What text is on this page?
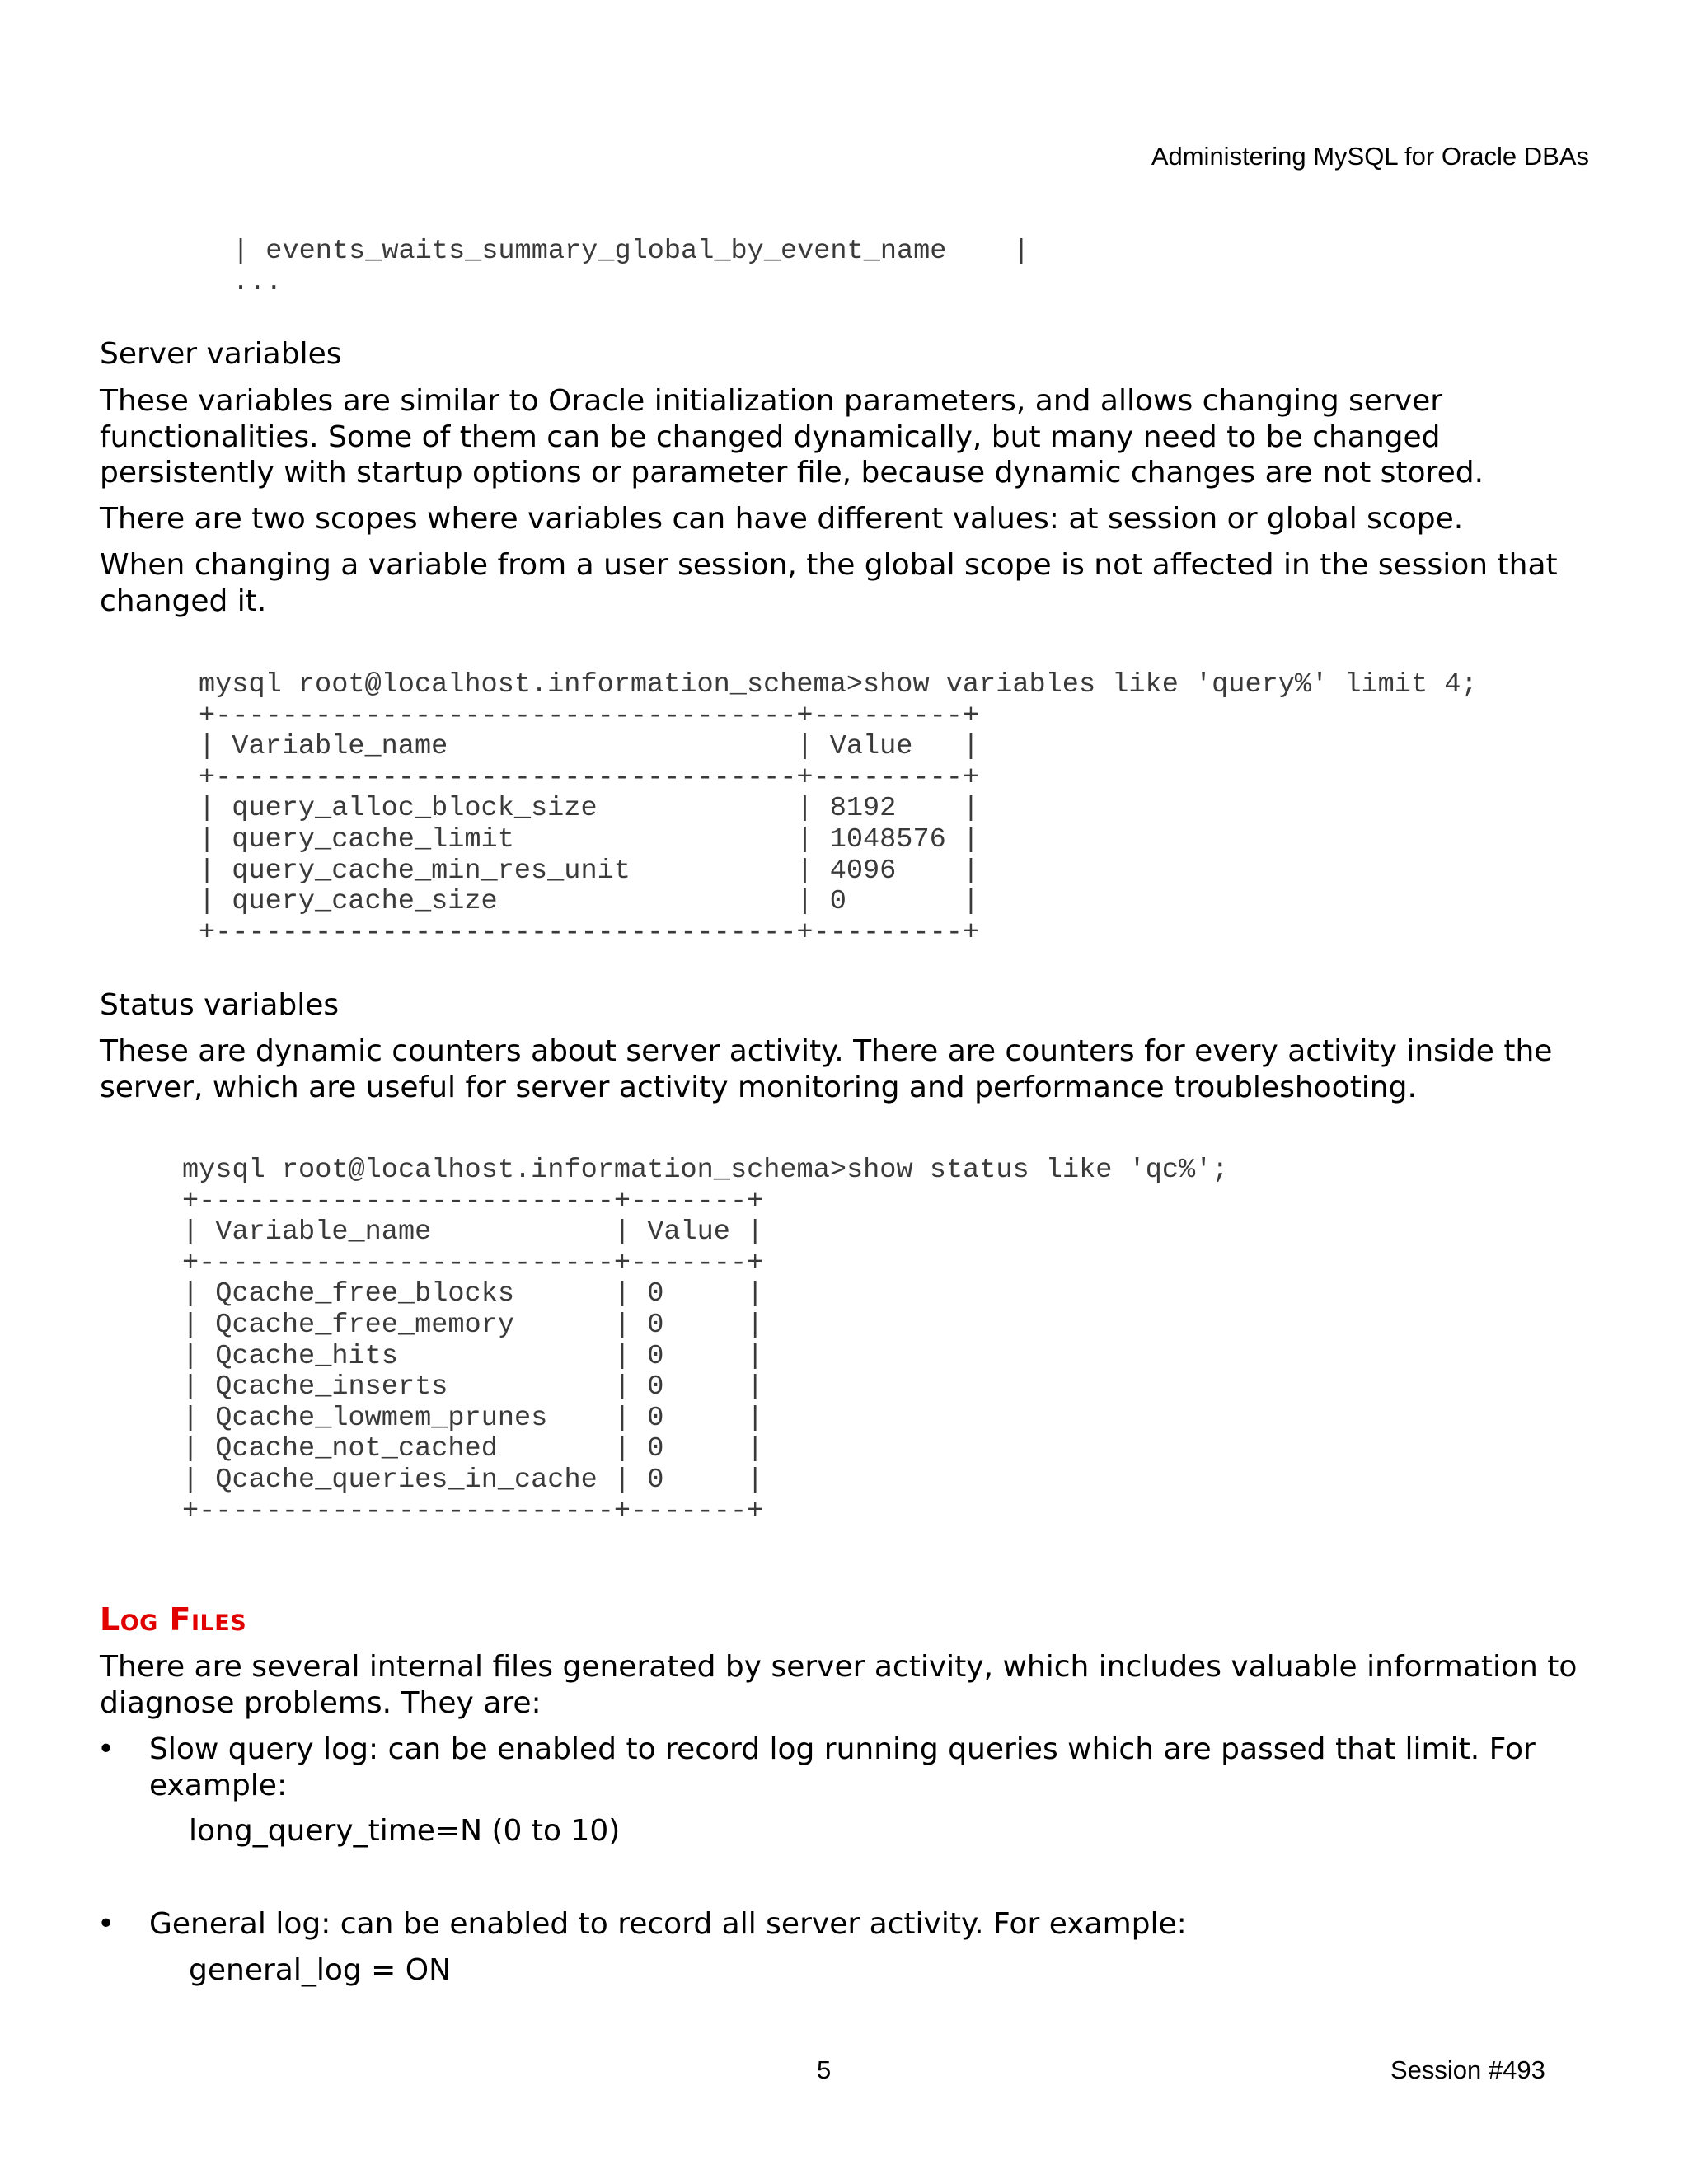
Administering MySQL for Oracle DBAs
| events_waits_summary_global_by_event_name    |
...
Server variables

These variables are similar to Oracle initialization parameters, and allows changing server functionalities. Some of them can be changed dynamically, but many need to be changed persistently with startup options or parameter file, because dynamic changes are not stored.

There are two scopes where variables can have different values: at session or global scope.

When changing a variable from a user session, the global scope is not affected in the session that changed it.

mysql root@localhost.information_schema>show variables like 'query%' limit 4;
+-----------------------------------+---------+
| Variable_name                     | Value   |
+-----------------------------------+---------+
| query_alloc_block_size            | 8192    |
| query_cache_limit                 | 1048576 |
| query_cache_min_res_unit          | 4096    |
| query_cache_size                  | 0       |
+-----------------------------------+---------+
Status variables

These are dynamic counters about server activity. There are counters for every activity inside the server, which are useful for server activity monitoring and performance troubleshooting.

mysql root@localhost.information_schema>show status like 'qc%';
+-------------------------+-------+
| Variable_name           | Value |
+-------------------------+-------+
| Qcache_free_blocks      | 0     |
| Qcache_free_memory      | 0     |
| Qcache_hits             | 0     |
| Qcache_inserts          | 0     |
| Qcache_lowmem_prunes    | 0     |
| Qcache_not_cached       | 0     |
| Qcache_queries_in_cache | 0     |
+-------------------------+-------+
Log Files

There are several internal files generated by server activity, which includes valuable information to diagnose problems. They are:

• Slow query log: can be enabled to record log running queries which are passed that limit. For example:

long_query_time=N (0 to 10)
• General log: can be enabled to record all server activity. For example:

general_log = ON
5	Session #493
